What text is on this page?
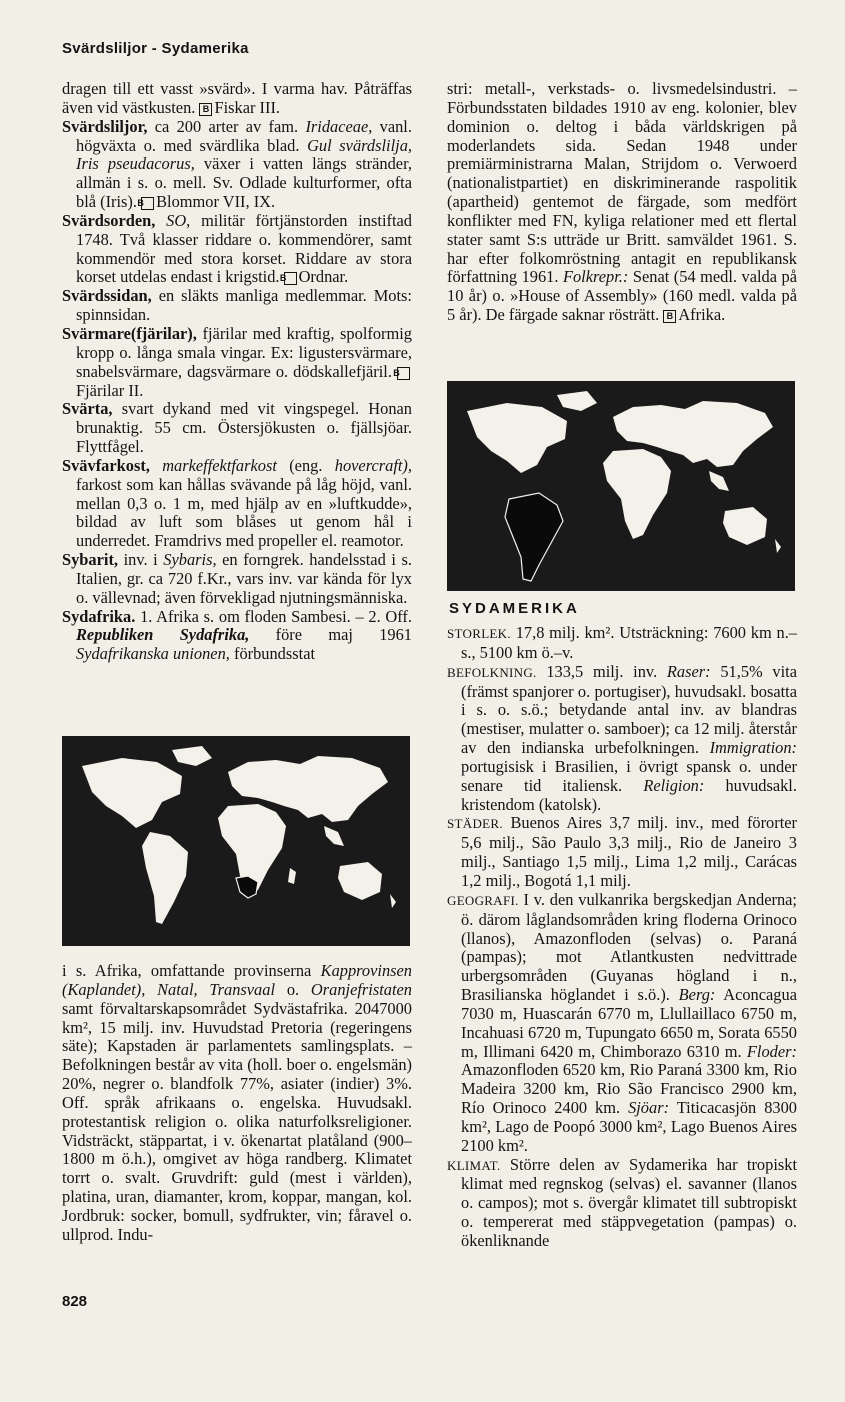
Svärdsliljor - Sydamerika

dragen till ett vasst »svärd». I varma hav. Påträffas även vid västkusten. B Fiskar III.

Svärdsliljor, ca 200 arter av fam. Iridaceae, vanl. högväxta o. med svärdlika blad. Gul svärdslilja, Iris pseudacorus, växer i vatten längs stränder, allmän i s. o. mell. Sv. Odlade kulturformer, ofta blå (Iris). B Blommor VII, IX.

Svärdsorden, SO, militär förtjänstorden instiftad 1748. Två klasser riddare o. kommendörer, samt kommendör med stora korset. Riddare av stora korset utdelas endast i krigstid. B Ordnar.

Svärdssidan, en släkts manliga medlemmar. Mots: spinnsidan.

Svärmare(fjärilar), fjärilar med kraftig, spolformig kropp o. långa smala vingar. Ex: ligustersvärmare, snabelsvärmare, dagsvärmare o. dödskallefjäril. BFjärilar II.

Svärta, svart dykand med vit vingspegel. Honan brunaktig. 55 cm. Östersjökusten o. fjällsjöar. Flyttfågel.

Svävfarkost, markeffektfarkost (eng. hovercraft), farkost som kan hållas svävande på låg höjd, vanl. mellan 0,3 o. 1 m, med hjälp av en »luftkudde», bildad av luft som blåses ut genom hål i underredet. Framdrivs med propeller el. reamotor.

Sybarit, inv. i Sybaris, en forngrek. handelsstad i s. Italien, gr. ca 720 f.Kr., vars inv. var kända för lyx o. vällevnad; även förvekligad njutningsmänniska.

Sydafrika. 1. Afrika s. om floden Sambesi. – 2. Off. Republiken Sydafrika, före maj 1961 Sydafrikanska unionen, förbundsstat

i s. Afrika, omfattande provinserna Kapprovinsen (Kaplandet), Natal, Transvaal o. Oranjefristaten samt förvaltarskapsområdet Sydvästafrika. 2047000 km², 15 milj. inv. Huvudstad Pretoria (regeringens säte); Kapstaden är parlamentets samlingsplats. – Befolkningen består av vita (holl. boer o. engelsmän) 20%, negrer o. blandfolk 77%, asiater (indier) 3%. Off. språk afrikaans o. engelska. Huvudsakl. protestantisk religion o. olika naturfolksreligioner. Vidsträckt, stäppartat, i v. ökenartat platåland (900–1800 m ö.h.), omgivet av höga randberg. Klimatet torrt o. svalt. Gruvdrift: guld (mest i världen), platina, uran, diamanter, krom, koppar, mangan, kol. Jordbruk: socker, bomull, sydfrukter, vin; fåravel o. ullprod. Indu-

stri: metall-, verkstads- o. livsmedelsindustri. – Förbundsstaten bildades 1910 av eng. kolonier, blev dominion o. deltog i båda världskrigen på moderlandets sida. Sedan 1948 under premiärministrarna Malan, Strijdom o. Verwoerd (nationalistpartiet) en diskriminerande raspolitik (apartheid) gentemot de färgade, som medfört konflikter med FN, kyliga relationer med ett flertal stater samt S:s utträde ur Britt. samväldet 1961. S. har efter folkomröstning antagit en republikansk författning 1961. Folkrepr.: Senat (54 medl. valda på 10 år) o. »House of Assembly» (160 medl. valda på 5 år). De färgade saknar rösträtt. B Afrika.

SYDAMERIKA

STORLEK. 17,8 milj. km². Utsträckning: 7600 km n.–s., 5100 km ö.–v.

BEFOLKNING. 133,5 milj. inv. Raser: 51,5% vita (främst spanjorer o. portugiser), huvudsakl. bosatta i s. o. s.ö.; betydande antal inv. av blandras (mestiser, mulatter o. samboer); ca 12 milj. återstår av den indianska urbefolkningen. Immigration: portugisisk i Brasilien, i övrigt spansk o. under senare tid italiensk. Religion: huvudsakl. kristendom (katolsk).

STÄDER. Buenos Aires 3,7 milj. inv., med förorter 5,6 milj., São Paulo 3,3 milj., Rio de Janeiro 3 milj., Santiago 1,5 milj., Lima 1,2 milj., Carácas 1,2 milj., Bogotá 1,1 milj.

GEOGRAFI. I v. den vulkanrika bergskedjan Anderna; ö. därom låglandsområden kring floderna Orinoco (llanos), Amazonfloden (selvas) o. Paraná (pampas); mot Atlantkusten nedvittrade urbergsområden (Guyanas högland i n., Brasilianska höglandet i s.ö.). Berg: Aconcagua 7030 m, Huascarán 6770 m, Llullaillaco 6750 m, Incahuasi 6720 m, Tupungato 6650 m, Sorata 6550 m, Illimani 6420 m, Chimborazo 6310 m. Floder: Amazonfloden 6520 km, Rio Paraná 3300 km, Rio Madeira 3200 km, Rio São Francisco 2900 km, Río Orinoco 2400 km. Sjöar: Titicacasjön 8300 km², Lago de Poopó 3000 km², Lago Buenos Aires 2100 km².

KLIMAT. Större delen av Sydamerika har tropiskt klimat med regnskog (selvas) el. savanner (llanos o. campos); mot s. övergår klimatet till subtropiskt o. tempererat med stäppvegetation (pampas) o. ökenliknande

828
